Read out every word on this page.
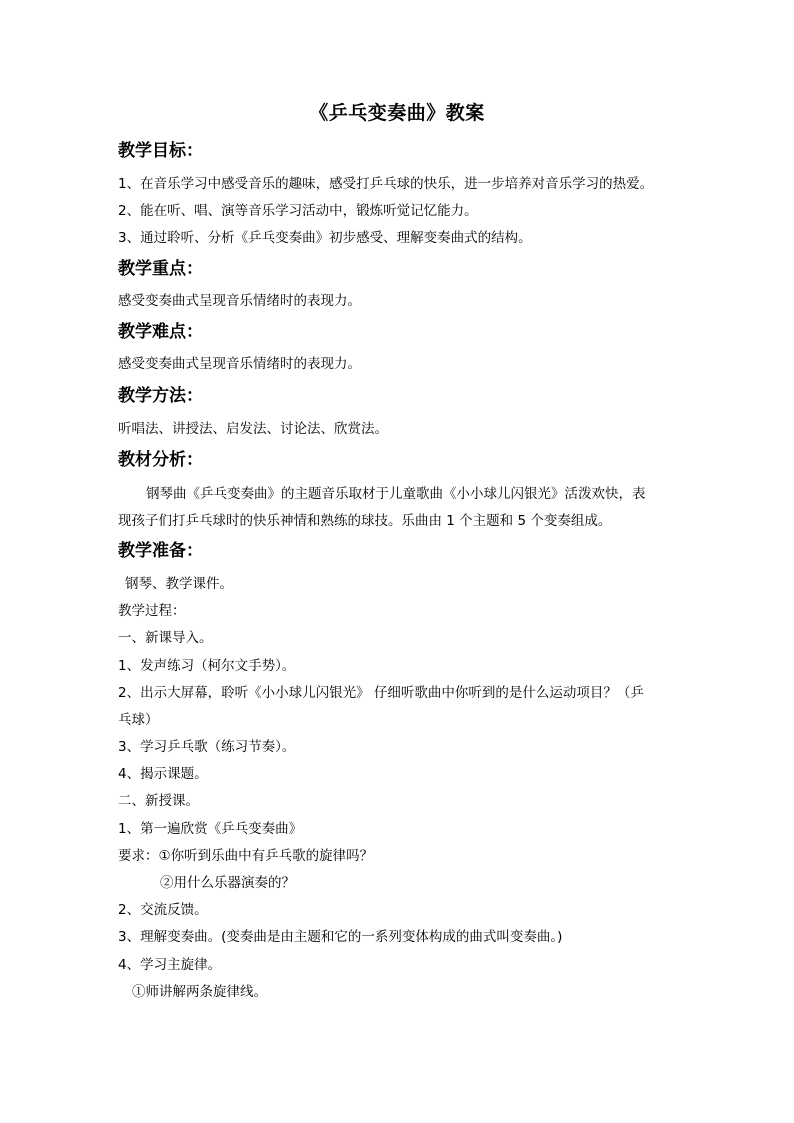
《乒乓变奏曲》教案
教学目标：
1、在音乐学习中感受音乐的趣味，感受打乒乓球的快乐，进一步培养对音乐学习的热爱。
2、能在听、唱、演等音乐学习活动中，锻炼听觉记忆能力。
3、通过聆听、分析《乒乓变奏曲》初步感受、理解变奏曲式的结构。
教学重点：
感受变奏曲式呈现音乐情绪时的表现力。
教学难点：
感受变奏曲式呈现音乐情绪时的表现力。
教学方法：
听唱法、讲授法、启发法、讨论法、欣赏法。
教材分析：
钢琴曲《乒乓变奏曲》的主题音乐取材于儿童歌曲《小小球儿闪银光》活泼欢快，表
现孩子们打乒乓球时的快乐神情和熟练的球技。乐曲由 1 个主题和 5 个变奏组成。
教学准备：
钢琴、教学课件。
教学过程：
一、新课导入。
1、发声练习（柯尔文手势）。
2、出示大屏幕，聆听《小小球儿闪银光》 仔细听歌曲中你听到的是什么运动项目？（乒
乓球）
3、学习乒乓歌（练习节奏）。
4、揭示课题。
二、新授课。
1、第一遍欣赏《乒乓变奏曲》
要求：①你听到乐曲中有乒乓歌的旋律吗？
②用什么乐器演奏的？
2、交流反馈。
3、理解变奏曲。(变奏曲是由主题和它的一系列变体构成的曲式叫变奏曲。)
4、学习主旋律。
①师讲解两条旋律线。
